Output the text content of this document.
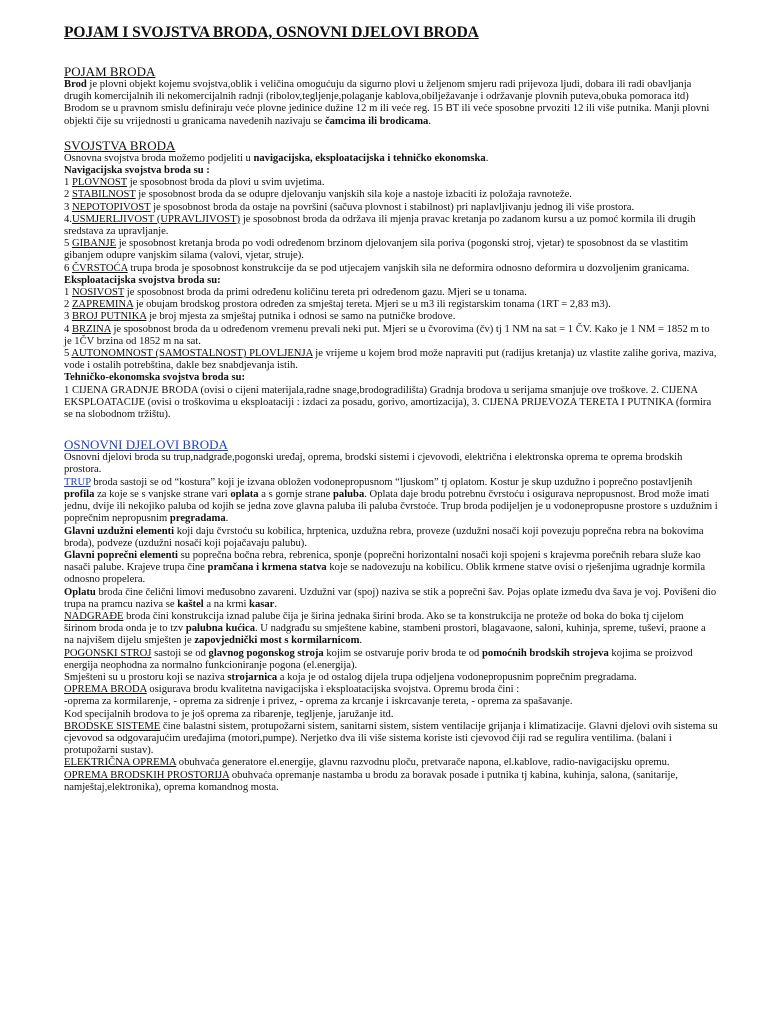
POJAM I SVOJSTVA BRODA, OSNOVNI DJELOVI BRODA
POJAM BRODA

Brod je plovni objekt kojemu svojstva,oblik i veličina omogućuju da sigurno plovi u željenom smjeru radi prijevoza ljudi, dobara ili radi obavljanja drugih komercijalnih ili nekomercijalnih radnji (ribolov,tegljenje,polaganje kablova,obilježavanje i održavanje plovnih puteva,obuka pomoraca itd)

Brodom se u pravnom smislu definiraju veće plovne jedinice dužine 12 m ili veće reg. 15 BT ili veće sposobne prvoziti 12 ili više putnika. Manji plovni objekti čije su vrijednosti u granicama navedenih nazivaju se čamcima ili brodicama.

SVOJSTVA BRODA

Osnovna svojstva broda možemo podjeliti u navigacijska, eksploatacijska i tehničko ekonomska.

Navigacijska svojstva broda su :

1 PLOVNOST je sposobnost broda da plovi u svim uvjetima.

2 STABILNOST je sposobnost broda da se odupre djelovanju vanjskih sila koje a nastoje izbaciti iz položaja ravnoteže.

3 NEPOTOPIVOST je sposobnost broda da ostaje na površini (sačuva plovnost i stabilnost) pri naplavljivanju jednog ili više prostora.

4.USMJERLJIVOST (UPRAVLJIVOST) je sposobnost broda da održava ili mjenja pravac kretanja po zadanom kursu a uz pomoć kormila ili drugih sredstava za upravljanje.

5 GIBANJE je sposobnost kretanja broda po vodi određenom brzinom djelovanjem sila poriva (pogonski stroj, vjetar) te sposobnost da se vlastitim gibanjem odupre vanjskim silama (valovi, vjetar, struje).

6 ČVRSTOĆA trupa broda je sposobnost konstrukcije da se pod utjecajem vanjskih sila ne deformira odnosno deformira u dozvoljenim granicama.

Eksploatacijska svojstva broda su:

1 NOSIVOST je sposobnost broda da primi određenu količinu tereta pri određenom gazu. Mjeri se u tonama.

2 ZAPREMINA je obujam brodskog prostora određen za smještaj tereta. Mjeri se u m3 ili registarskim tonama (1RT = 2,83 m3).

3 BROJ PUTNIKA je broj mjesta za smještaj putnika i odnosi se samo na putničke brodove.

4 BRZINA je sposobnost broda da u određenom vremenu prevali neki put. Mjeri se u čvorovima (čv) tj 1 NM na sat = 1 ČV. Kako je 1 NM = 1852 m to je 1ČV brzina od 1852 m na sat.

5 AUTONOMNOST (SAMOSTALNOST) PLOVLJENJA je vrijeme u kojem brod može napraviti put (radijus kretanja) uz vlastite zalihe goriva, maziva, vode i ostalih potrebština, dakle bez snabdjevanja istih.

Tehničko-ekonomska svojstva broda su:

1 CIJENA GRADNJE BRODA (ovisi o cijeni materijala,radne snage,brodogradilišta) Gradnja brodova u serijama smanjuje ove troškove. 2. CIJENA EKSPLOATACIJE (ovisi o troškovima u eksploataciji : izdaci za posadu, gorivo, amortizacija), 3. CIJENA PRIJEVOZA TERETA I PUTNIKA (formira se na slobodnom tržištu).

OSNOVNI DJELOVI BRODA

Osnovni djelovi broda su trup,nadgrađe,pogonski uređaj, oprema, brodski sistemi i cjevovodi, električna i elektronska oprema te oprema brodskih prostora.

TRUP broda sastoji se od “kostura” koji je izvana obložen vodonepropusnom “ljuskom” tj oplatom. Kostur je skup uzdužno i poprečno postavljenih profila za koje se s vanjske strane vari oplata a s gornje strane paluba. Oplata daje brodu potrebnu čvrstoću i osigurava nepropusnost. Brod može imati jednu, dvije ili nekojiko paluba od kojih se jedna zove glavna paluba ili paluba čvrstoće. Trup broda podijeljen je u vodonepropusne prostore s uzdužnim i poprečnim nepropusnim pregradama.

Glavni uzdužni elementi koji daju čvrstoću su kobilica, hrptenica, uzdužna rebra, proveze (uzdužni nosači koji povezuju poprečna rebra na bokovima broda), podveze (uzdužni nosači koji pojačavaju palubu).

Glavni poprečni elementi su poprečna bočna rebra, rebrenica, sponje (poprečni horizontalni nosači koji spojeni s krajevma porečnih rebara služe kao nasači palube. Krajeve trupa čine pramčana i krmena statva koje se nadovezuju na kobilicu. Oblik krmene statve ovisi o rješenjima ugradnje kormila odnosno propelera.

Oplatu broda čine čelični limovi međusobno zavareni. Uzdužni var (spoj) naziva se stik a poprečni šav. Pojas oplate između dva šava je voj. Povišeni dio trupa na pramcu naziva se kaštel a na krmi kasar.

NADGRAĐE broda čini konstrukcija iznad palube čija je širina jednaka širini broda. Ako se ta konstrukcija ne proteže od boka do boka tj cijelom širinom broda onda je to tzv palubna kućica. U nadgrađu su smještene kabine, stambeni prostori, blagavaone, saloni, kuhinja, spreme, tuševi, praone a na najvišem dijelu smješten je zapovjednički most s kormilarnicom.

POGONSKI STROJ sastoji se od glavnog pogonskog stroja kojim se ostvaruje poriv broda te od pomoćnih brodskih strojeva kojima se proizvod energija neophodna za normalno funkcioniranje pogona (el.energija).

Smješteni su u prostoru koji se naziva strojarnica a koja je od ostalog dijela trupa odjeljena vodonepropusnim poprečnim pregradama.

OPREMA BRODA osigurava brodu kvalitetna navigacijska i eksploatacijska svojstva. Opremu broda čini :

-oprema za kormilarenje, - oprema za sidrenje i privez, - oprema za krcanje i iskrcavanje tereta, - oprema za spašavanje.

Kod specijalnih brodova to je još oprema za ribarenje, tegljenje, jaružanje itd.

BRODSKE SISTEME čine balastni sistem, protupožarni sistem, sanitarni sistem, sistem ventilacije grijanja i klimatizacije. Glavni djelovi ovih sistema su cjevovod sa odgovarajućim uređajima (motori,pumpe). Nerjetko dva ili više sistema koriste isti cjevovod čiji rad se regulira ventilima. (balani i protupožarni sustav).

ELEKTRIČNA OPREMA obuhvaća generatore el.energije, glavnu razvodnu ploču, pretvarače napona, el.kablove, radio-navigacijsku opremu.

OPREMA BRODSKIH PROSTORIJA obuhvaća opremanje nastamba u brodu za boravak posade i putnika tj kabina, kuhinja, salona, (sanitarije, namještaj,elektronika), oprema komandnog mosta.
